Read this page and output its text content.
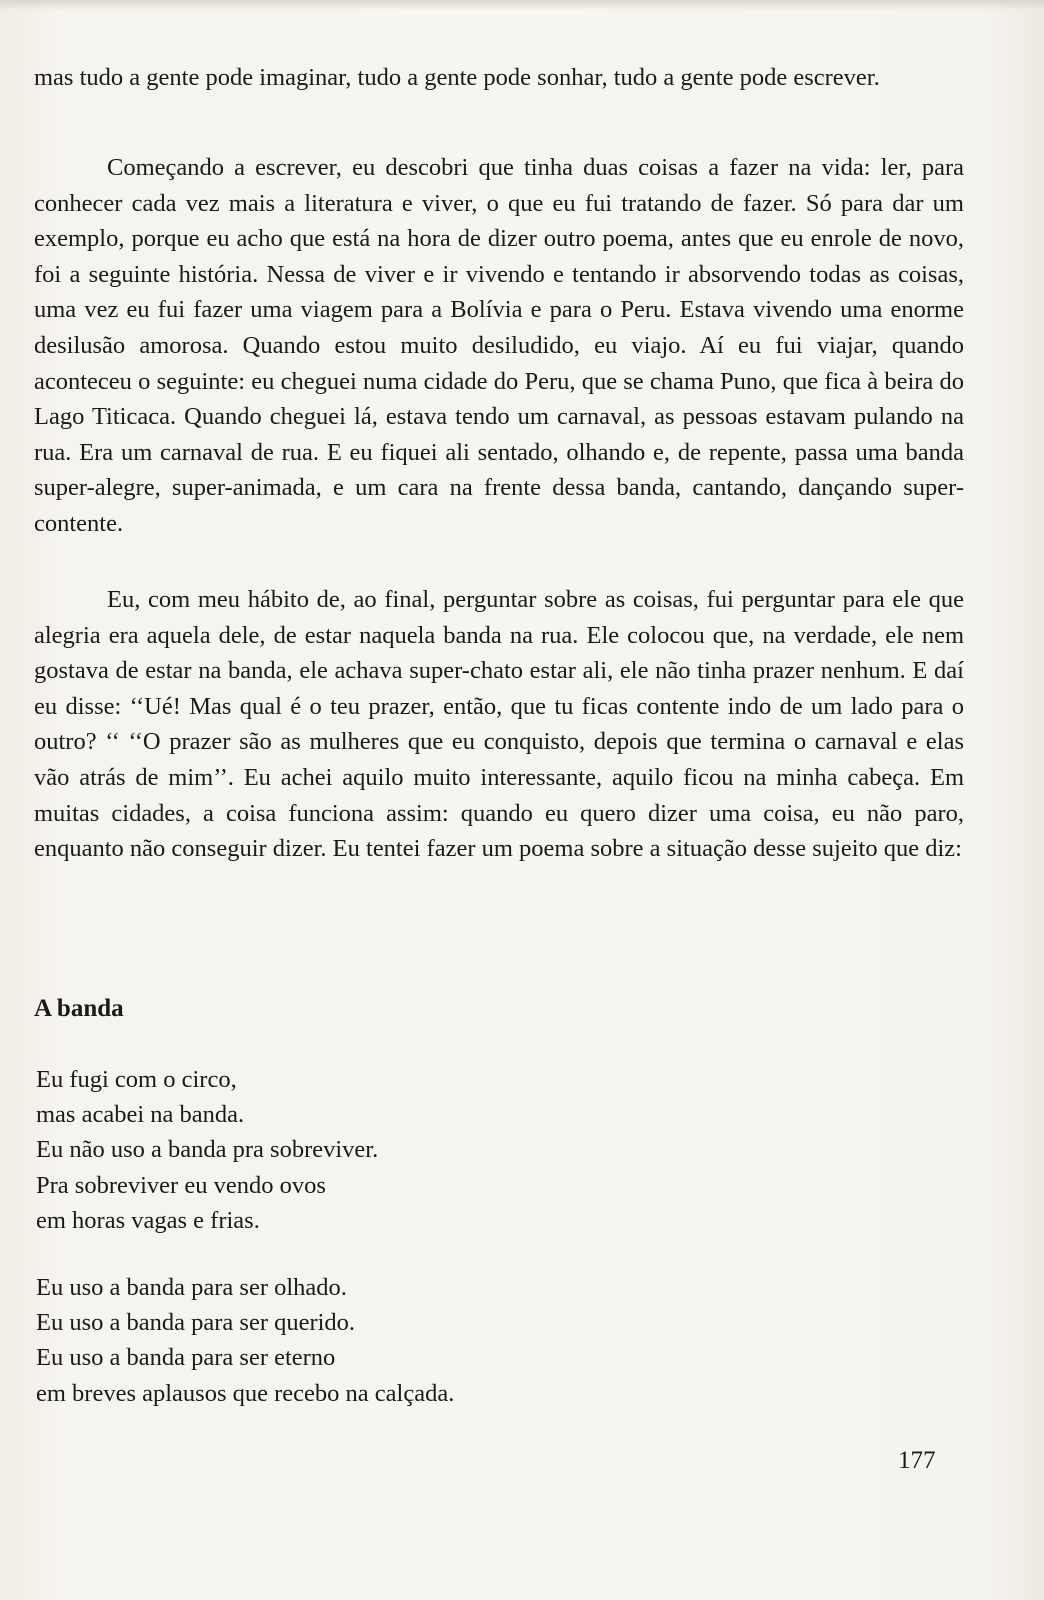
mas tudo a gente pode imaginar, tudo a gente pode sonhar, tudo a gente pode escrever.

Começando a escrever, eu descobri que tinha duas coisas a fazer na vida: ler, para conhecer cada vez mais a literatura e viver, o que eu fui tratando de fazer. Só para dar um exemplo, porque eu acho que está na hora de dizer outro poema, antes que eu enrole de novo, foi a seguinte história. Nessa de viver e ir vivendo e tentando ir absorvendo todas as coisas, uma vez eu fui fazer uma viagem para a Bolívia e para o Peru. Estava vivendo uma enorme desilusão amorosa. Quando estou muito desiludido, eu viajo. Aí eu fui viajar, quando aconteceu o seguinte: eu cheguei numa cidade do Peru, que se chama Puno, que fica à beira do Lago Titicaca. Quando cheguei lá, estava tendo um carnaval, as pessoas estavam pulando na rua. Era um carnaval de rua. E eu fiquei ali sentado, olhando e, de repente, passa uma banda super-alegre, super-animada, e um cara na frente dessa banda, cantando, dançando super-contente.

Eu, com meu hábito de, ao final, perguntar sobre as coisas, fui perguntar para ele que alegria era aquela dele, de estar naquela banda na rua. Ele colocou que, na verdade, ele nem gostava de estar na banda, ele achava super-chato estar ali, ele não tinha prazer nenhum. E daí eu disse: ‘‘Ué! Mas qual é o teu prazer, então, que tu ficas contente indo de um lado para o outro? ‘‘ ‘‘O prazer são as mulheres que eu conquisto, depois que termina o carnaval e elas vão atrás de mim’’. Eu achei aquilo muito interessante, aquilo ficou na minha cabeça. Em muitas cidades, a coisa funciona assim: quando eu quero dizer uma coisa, eu não paro, enquanto não conseguir dizer. Eu tentei fazer um poema sobre a situação desse sujeito que diz:

A banda
Eu fugi com o circo,
mas acabei na banda.
Eu não uso a banda pra sobreviver.
Pra sobreviver eu vendo ovos
em horas vagas e frias.
Eu uso a banda para ser olhado.
Eu uso a banda para ser querido.
Eu uso a banda para ser eterno
em breves aplausos que recebo na calçada.
177
